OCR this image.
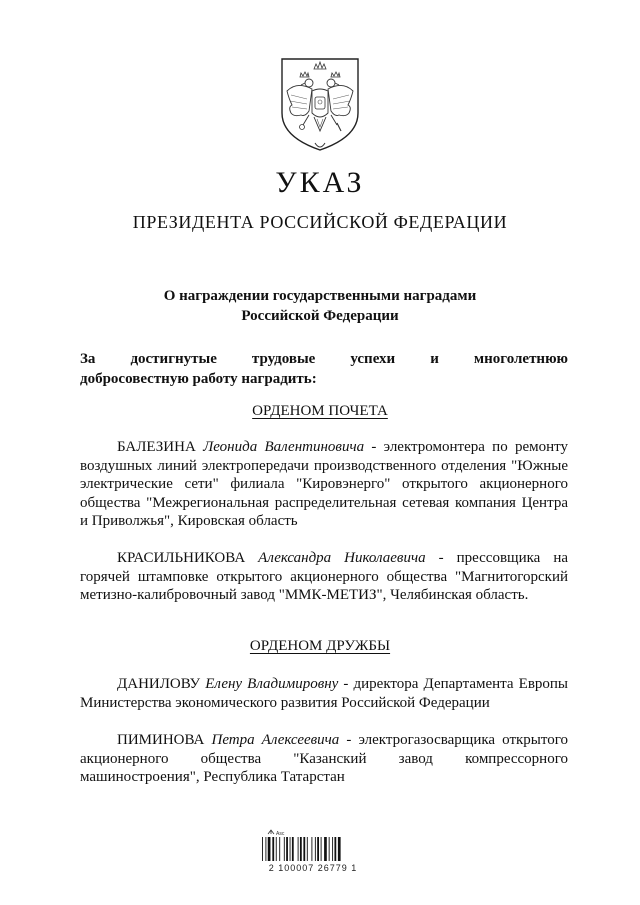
УКАЗ
ПРЕЗИДЕНТА РОССИЙСКОЙ ФЕДЕРАЦИИ
О награждении государственными наградами
Российской Федерации
За достигнутые трудовые успехи и многолетнюю
добросовестную работу наградить:
ОРДЕНОМ ПОЧЕТА

БАЛЕЗИНА Леонида Валентиновича - электромонтера по ремонту воздушных линий электропередачи производственного отделения "Южные электрические сети" филиала "Кировэнерго" открытого акционерного общества "Межрегиональная распределительная сетевая компания Центра и Приволжья", Кировская область

КРАСИЛЬНИКОВА Александра Николаевича - прессовщика на горячей штамповке открытого акционерного общества "Магнитогорский метизно-калибровочный завод "ММК-МЕТИЗ", Челябинская область.

ОРДЕНОМ ДРУЖБЫ

ДАНИЛОВУ Елену Владимировну - директора Департамента Европы Министерства экономического развития Российской Федерации

ПИМИНОВА Петра Алексеевича - электрогазосварщика открытого акционерного общества "Казанский завод компрессорного машиностроения", Республика Татарстан

Asc
2 100007 26779 1
